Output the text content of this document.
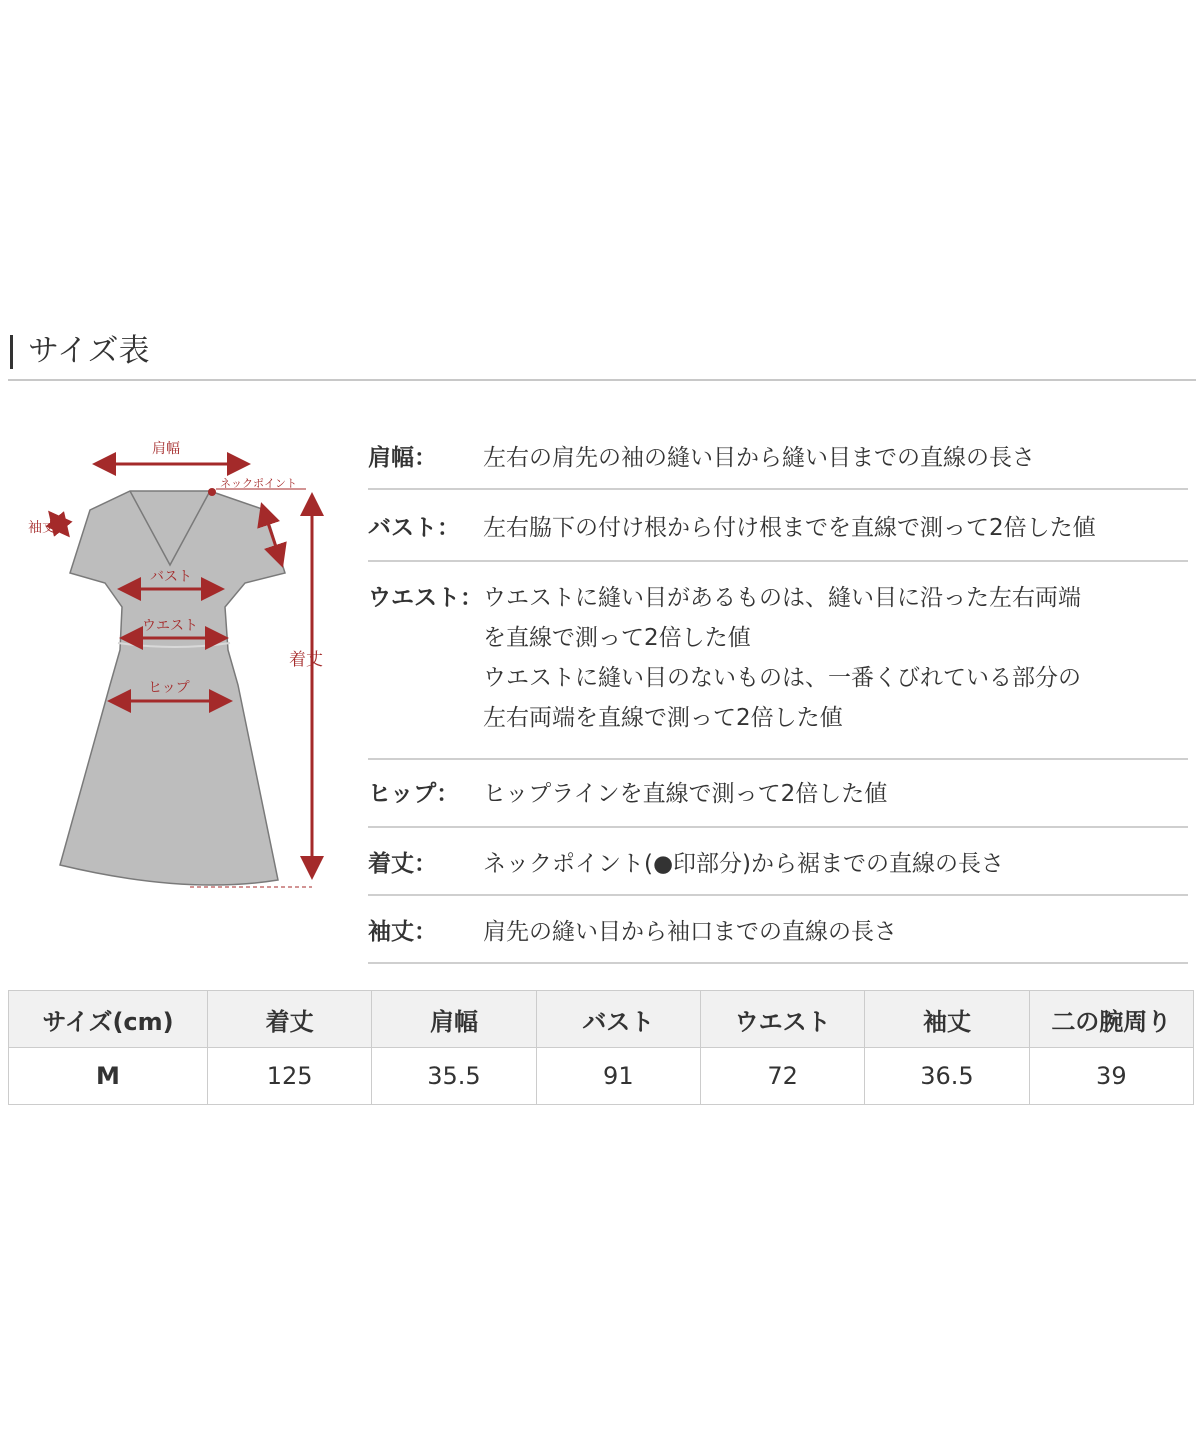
サイズ表
肩幅
ネックポイント
袖丈
バスト
ウエスト
ヒップ
着丈
肩幅： 左右の肩先の袖の縫い目から縫い目までの直線の長さ
バスト： 左右脇下の付け根から付け根までを直線で測って2倍した値
ウエスト： ウエストに縫い目があるものは、縫い目に沿った左右両端
を直線で測って2倍した値
ウエストに縫い目のないものは、一番くびれている部分の
左右両端を直線で測って2倍した値
ヒップ： ヒップラインを直線で測って2倍した値
着丈： ネックポイント(●印部分)から裾までの直線の長さ
袖丈： 肩先の縫い目から袖口までの直線の長さ
サイズ(cm)	着丈	肩幅	バスト	ウエスト	袖丈	二の腕周り
M	125	35.5	91	72	36.5	39
